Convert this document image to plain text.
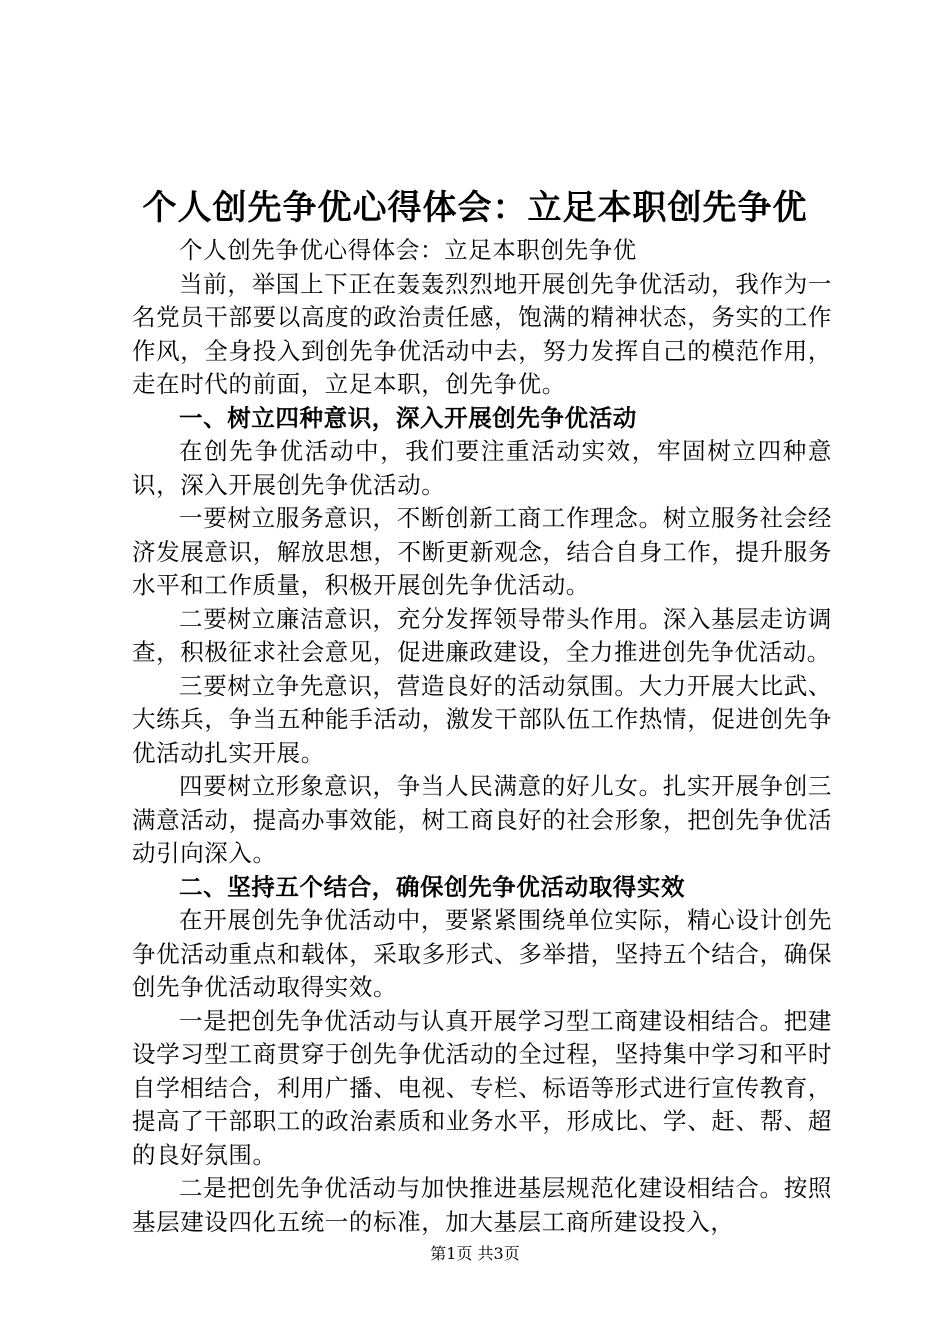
个人创先争优心得体会：立足本职创先争优

个人创先争优心得体会：立足本职创先争优

当前，举国上下正在轰轰烈烈地开展创先争优活动，我作为一名党员干部要以高度的政治责任感，饱满的精神状态，务实的工作作风，全身投入到创先争优活动中去，努力发挥自己的模范作用，走在时代的前面，立足本职，创先争优。

一、树立四种意识，深入开展创先争优活动

在创先争优活动中，我们要注重活动实效，牢固树立四种意识，深入开展创先争优活动。

一要树立服务意识，不断创新工商工作理念。树立服务社会经济发展意识，解放思想，不断更新观念，结合自身工作，提升服务水平和工作质量，积极开展创先争优活动。

二要树立廉洁意识，充分发挥领导带头作用。深入基层走访调查，积极征求社会意见，促进廉政建设，全力推进创先争优活动。

三要树立争先意识，营造良好的活动氛围。大力开展大比武、大练兵，争当五种能手活动，激发干部队伍工作热情，促进创先争优活动扎实开展。

四要树立形象意识，争当人民满意的好儿女。扎实开展争创三满意活动，提高办事效能，树工商良好的社会形象，把创先争优活动引向深入。

二、坚持五个结合，确保创先争优活动取得实效

在开展创先争优活动中，要紧紧围绕单位实际，精心设计创先争优活动重点和载体，采取多形式、多举措，坚持五个结合，确保创先争优活动取得实效。

一是把创先争优活动与认真开展学习型工商建设相结合。把建设学习型工商贯穿于创先争优活动的全过程，坚持集中学习和平时自学相结合，利用广播、电视、专栏、标语等形式进行宣传教育，提高了干部职工的政治素质和业务水平，形成比、学、赶、帮、超的良好氛围。

二是把创先争优活动与加快推进基层规范化建设相结合。按照基层建设四化五统一的标准，加大基层工商所建设投入，

第1页 共3页
